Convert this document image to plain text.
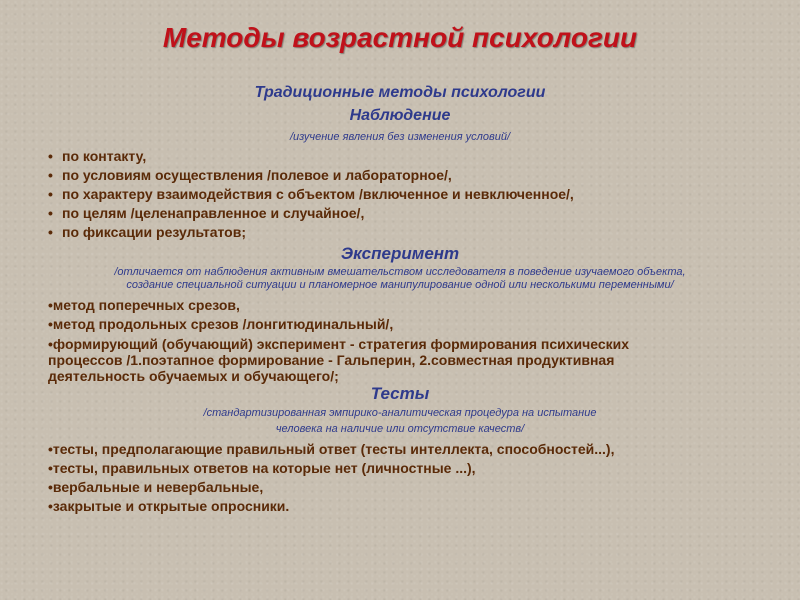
Методы возрастной психологии
Традиционные методы психологии
Наблюдение
/изучение явления без изменения условий/
• по контакту,
• по условиям осуществления /полевое и лабораторное/,
• по характеру взаимодействия с объектом /включенное и невключенное/,
• по целям /целенаправленное и случайное/,
• по фиксации результатов;
Эксперимент
/отличается от наблюдения активным вмешательством исследователя в поведение изучаемого объекта,
создание специальной ситуации и планомерное манипулирование одной или несколькими переменными/
•метод поперечных срезов,
•метод продольных срезов /лонгитюдинальный/,
•формирующий (обучающий) эксперимент - стратегия формирования психических процессов /1.поэтапное формирование - Гальперин, 2.совместная продуктивная деятельность обучаемых и обучающего/;
Тесты
/стандартизированная эмпирико-аналитическая процедура на испытание
человека на наличие или отсутствие качеств/
•тесты, предполагающие правильный ответ (тесты интеллекта, способностей...),
•тесты, правильных ответов на которые нет (личностные ...),
•вербальные и невербальные,
•закрытые и открытые опросники.
